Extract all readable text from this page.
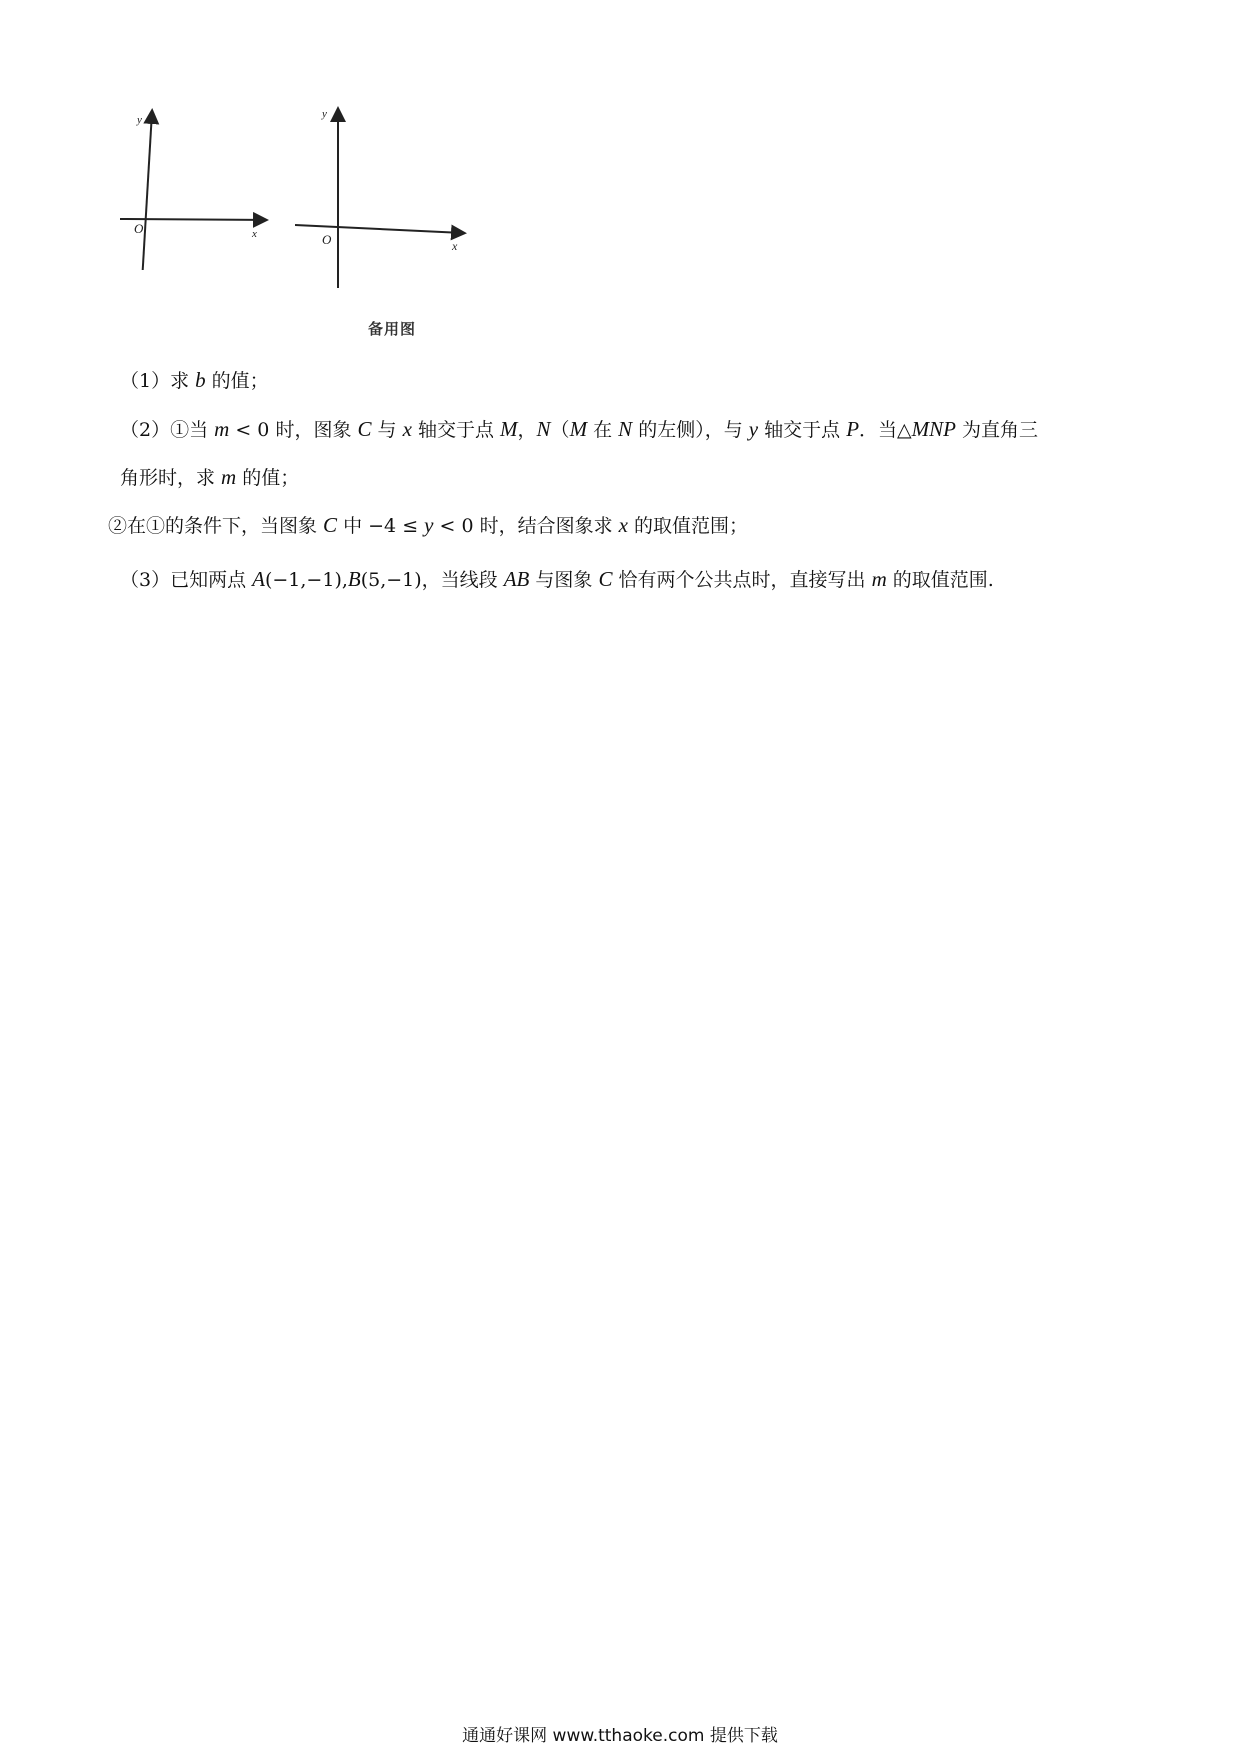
y
x
O
y
x
O
备用图
（1）求 b 的值；
（2）①当 m < 0 时，图象 C 与 x 轴交于点 M，N（M 在 N 的左侧），与 y 轴交于点 P．当△MNP 为直角三
角形时，求 m 的值；
②在①的条件下，当图象 C 中 −4 ≤ y < 0 时，结合图象求 x 的取值范围；
（3）已知两点 A(−1,−1),B(5,−1)，当线段 AB 与图象 C 恰有两个公共点时，直接写出 m 的取值范围.
通通好课网 www.tthaoke.com 提供下载
